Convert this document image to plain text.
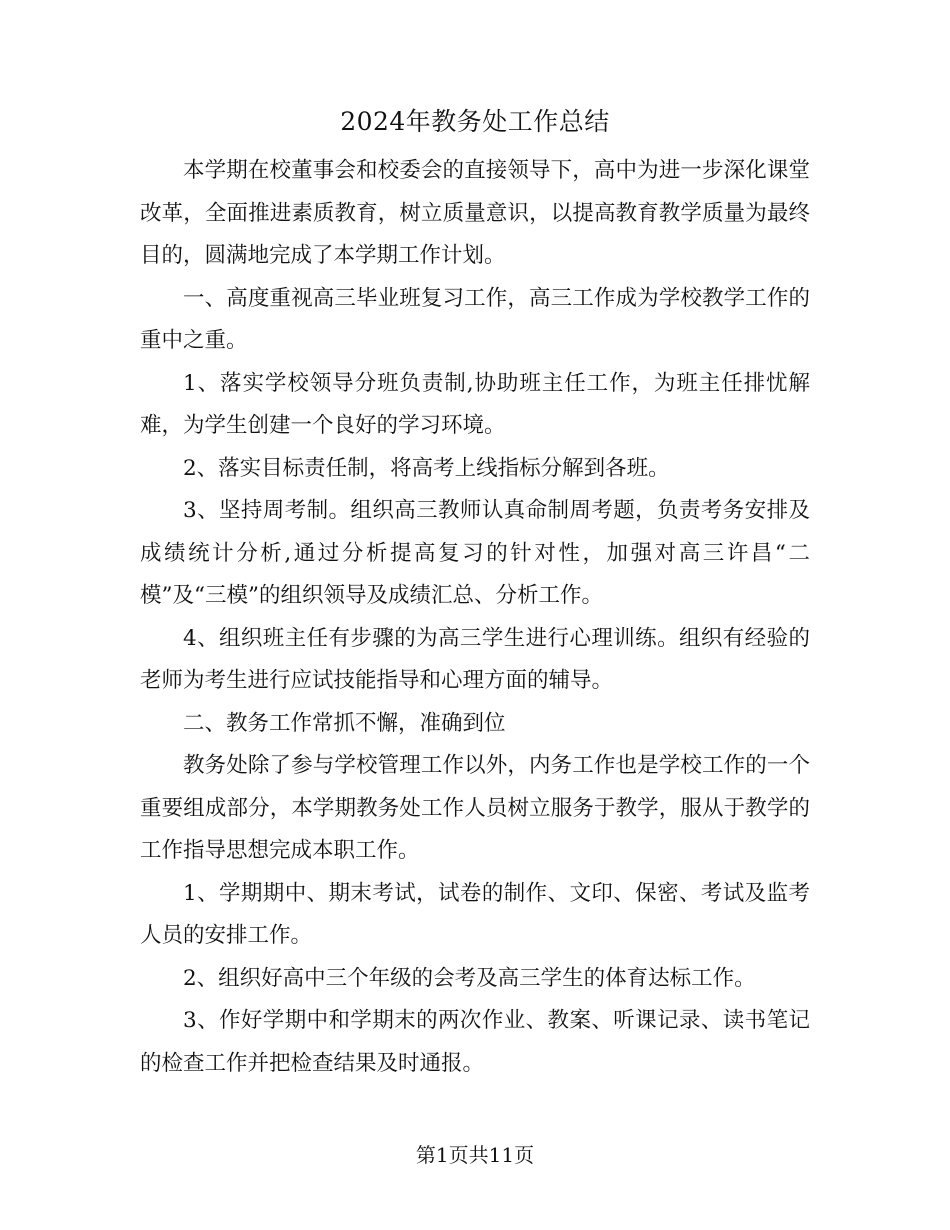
2024年教务处工作总结

本学期在校董事会和校委会的直接领导下，高中为进一步深化课堂改革，全面推进素质教育，树立质量意识，以提高教育教学质量为最终目的，圆满地完成了本学期工作计划。

一、高度重视高三毕业班复习工作，高三工作成为学校教学工作的重中之重。

1、落实学校领导分班负责制,协助班主任工作，为班主任排忧解难，为学生创建一个良好的学习环境。

2、落实目标责任制，将高考上线指标分解到各班。

3、坚持周考制。组织高三教师认真命制周考题，负责考务安排及成绩统计分析,通过分析提高复习的针对性，加强对高三许昌“二模”及“三模”的组织领导及成绩汇总、分析工作。

4、组织班主任有步骤的为高三学生进行心理训练。组织有经验的老师为考生进行应试技能指导和心理方面的辅导。

二、教务工作常抓不懈，准确到位

教务处除了参与学校管理工作以外，内务工作也是学校工作的一个重要组成部分，本学期教务处工作人员树立服务于教学，服从于教学的工作指导思想完成本职工作。

1、学期期中、期末考试，试卷的制作、文印、保密、考试及监考人员的安排工作。

2、组织好高中三个年级的会考及高三学生的体育达标工作。

3、作好学期中和学期末的两次作业、教案、听课记录、读书笔记的检查工作并把检查结果及时通报。

第1页共11页
